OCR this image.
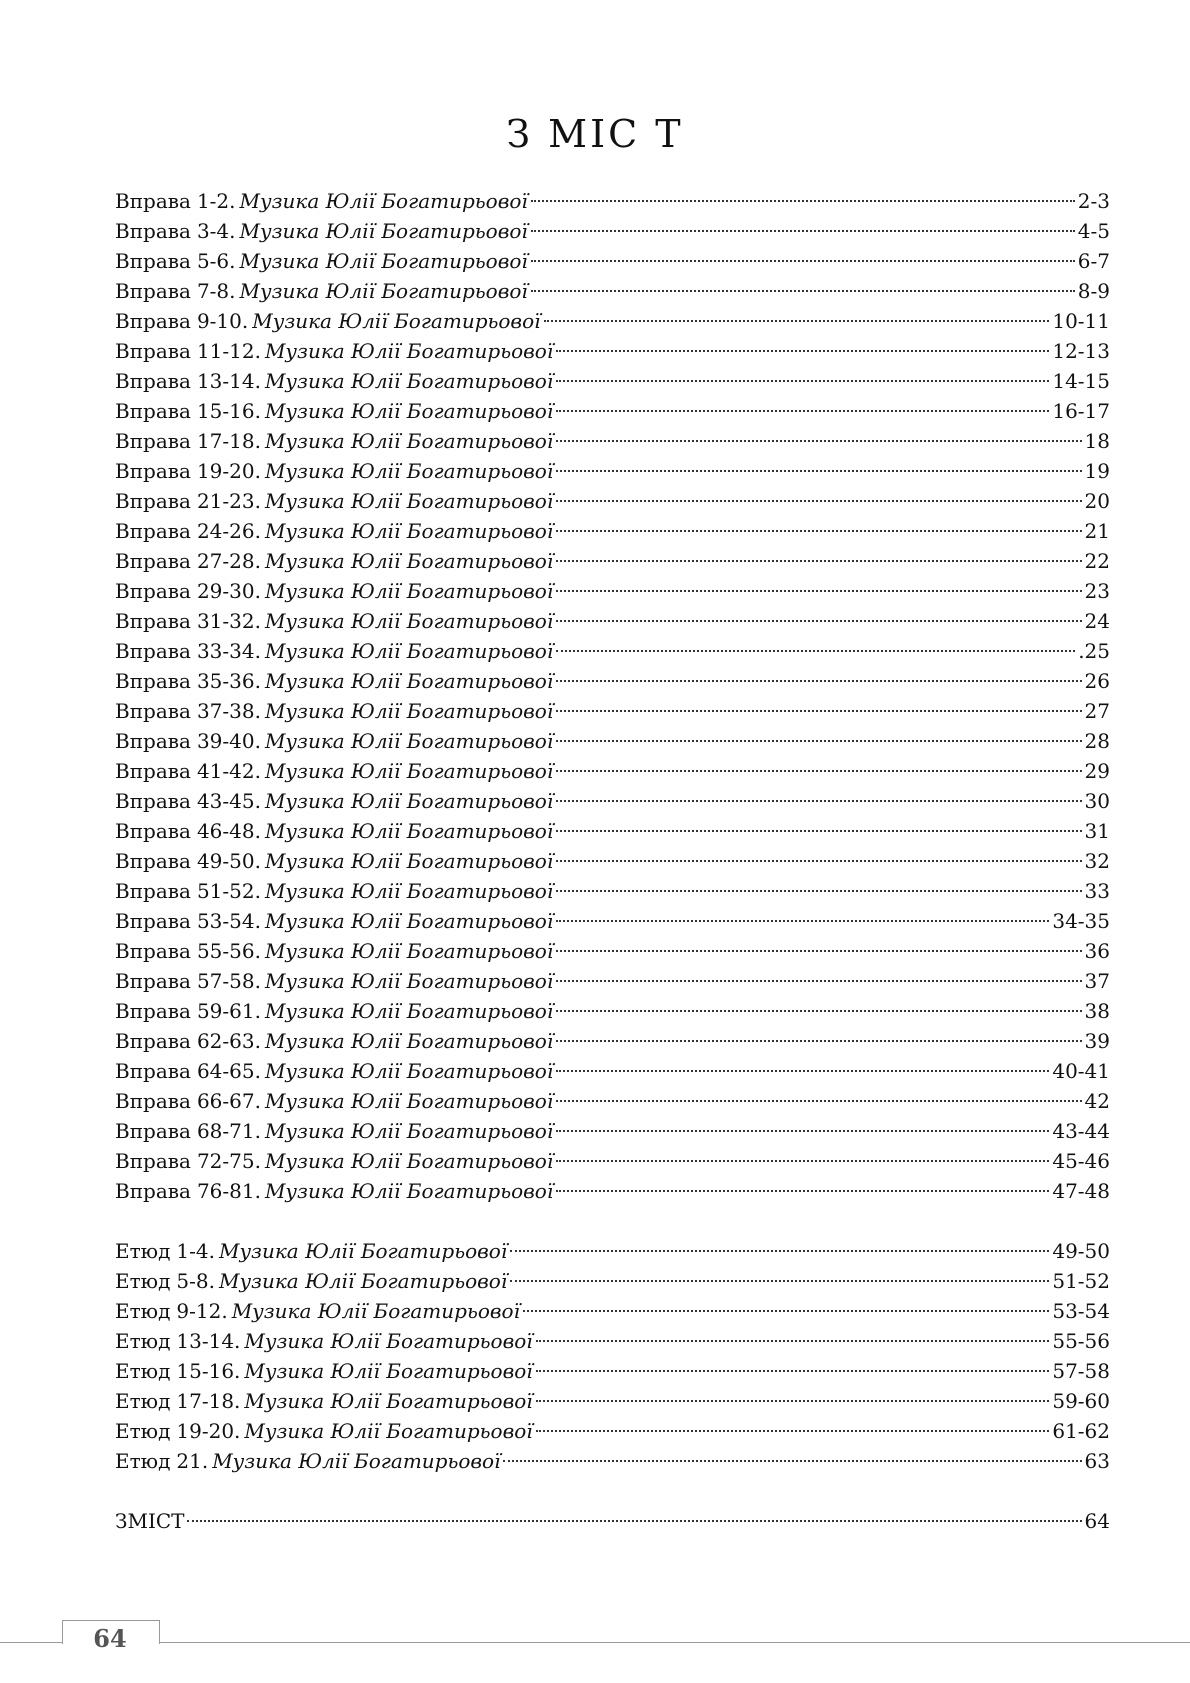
З МІС Т
Вправа 1-2. Музика Юлії Богатирьової	2-3
Вправа 3-4. Музика Юлії Богатирьової	4-5
Вправа 5-6. Музика Юлії Богатирьової	6-7
Вправа 7-8. Музика Юлії Богатирьової	8-9
Вправа 9-10. Музика Юлії Богатирьової	10-11
Вправа 11-12. Музика Юлії Богатирьової	12-13
Вправа 13-14. Музика Юлії Богатирьової	14-15
Вправа 15-16. Музика Юлії Богатирьової	16-17
Вправа 17-18. Музика Юлії Богатирьової	18
Вправа 19-20. Музика Юлії Богатирьової	19
Вправа 21-23. Музика Юлії Богатирьової	20
Вправа 24-26. Музика Юлії Богатирьової	21
Вправа 27-28. Музика Юлії Богатирьової	22
Вправа 29-30. Музика Юлії Богатирьової	23
Вправа 31-32. Музика Юлії Богатирьової	24
Вправа 33-34. Музика Юлії Богатирьової	.25
Вправа 35-36. Музика Юлії Богатирьової	26
Вправа 37-38. Музика Юлії Богатирьової	27
Вправа 39-40. Музика Юлії Богатирьової	28
Вправа 41-42. Музика Юлії Богатирьової	29
Вправа 43-45. Музика Юлії Богатирьової	30
Вправа 46-48. Музика Юлії Богатирьової	31
Вправа 49-50. Музика Юлії Богатирьової	32
Вправа 51-52. Музика Юлії Богатирьової	33
Вправа 53-54. Музика Юлії Богатирьової	34-35
Вправа 55-56. Музика Юлії Богатирьової	36
Вправа 57-58. Музика Юлії Богатирьової	37
Вправа 59-61. Музика Юлії Богатирьової	38
Вправа 62-63. Музика Юлії Богатирьової	39
Вправа 64-65. Музика Юлії Богатирьової	40-41
Вправа 66-67. Музика Юлії Богатирьової	42
Вправа 68-71. Музика Юлії Богатирьової	43-44
Вправа 72-75. Музика Юлії Богатирьової	45-46
Вправа 76-81. Музика Юлії Богатирьової	47-48
Етюд 1-4. Музика Юлії Богатирьової	49-50
Етюд 5-8. Музика Юлії Богатирьової	51-52
Етюд 9-12. Музика Юлії Богатирьової	53-54
Етюд 13-14. Музика Юлії Богатирьової	55-56
Етюд 15-16. Музика Юлії Богатирьової	57-58
Етюд 17-18. Музика Юлії Богатирьової	59-60
Етюд 19-20. Музика Юлії Богатирьової	61-62
Етюд 21. Музика Юлії Богатирьової	63
ЗМІСТ	64
64
